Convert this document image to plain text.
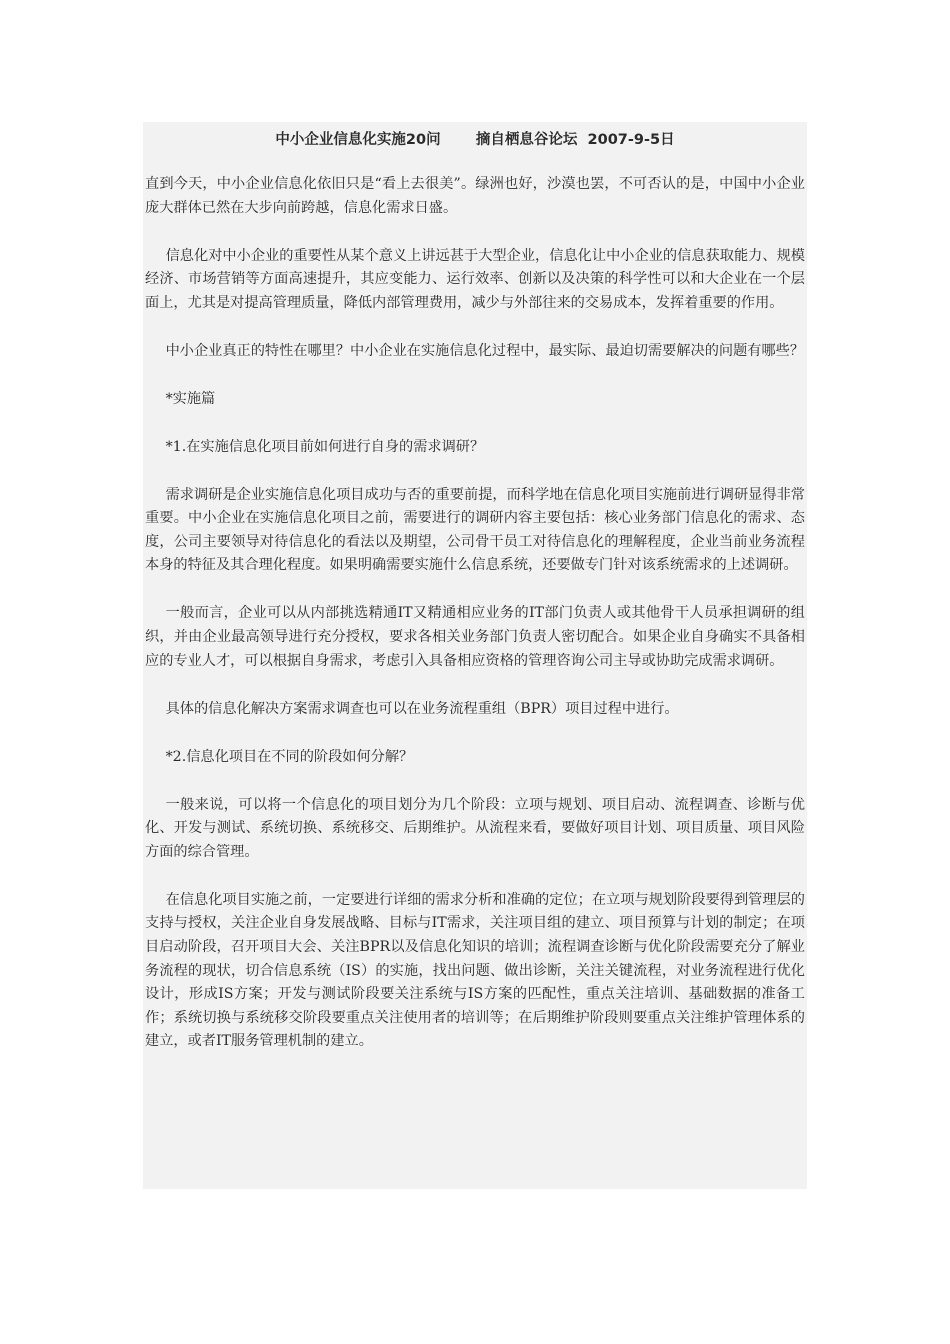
中小企业信息化实施20问       摘自栖息谷论坛  2007-9-5日

直到今天，中小企业信息化依旧只是“看上去很美”。绿洲也好，沙漠也罢，不可否认的是，中国中小企业庞大群体已然在大步向前跨越，信息化需求日盛。

信息化对中小企业的重要性从某个意义上讲远甚于大型企业，信息化让中小企业的信息获取能力、规模经济、市场营销等方面高速提升，其应变能力、运行效率、创新以及决策的科学性可以和大企业在一个层面上，尤其是对提高管理质量，降低内部管理费用，减少与外部往来的交易成本，发挥着重要的作用。

中小企业真正的特性在哪里？中小企业在实施信息化过程中，最实际、最迫切需要解决的问题有哪些？

*实施篇

*1.在实施信息化项目前如何进行自身的需求调研？

需求调研是企业实施信息化项目成功与否的重要前提，而科学地在信息化项目实施前进行调研显得非常重要。中小企业在实施信息化项目之前，需要进行的调研内容主要包括：核心业务部门信息化的需求、态度，公司主要领导对待信息化的看法以及期望，公司骨干员工对待信息化的理解程度，企业当前业务流程本身的特征及其合理化程度。如果明确需要实施什么信息系统，还要做专门针对该系统需求的上述调研。

一般而言，企业可以从内部挑选精通IT又精通相应业务的IT部门负责人或其他骨干人员承担调研的组织，并由企业最高领导进行充分授权，要求各相关业务部门负责人密切配合。如果企业自身确实不具备相应的专业人才，可以根据自身需求，考虑引入具备相应资格的管理咨询公司主导或协助完成需求调研。

具体的信息化解决方案需求调查也可以在业务流程重组（BPR）项目过程中进行。

*2.信息化项目在不同的阶段如何分解？

一般来说，可以将一个信息化的项目划分为几个阶段：立项与规划、项目启动、流程调查、诊断与优化、开发与测试、系统切换、系统移交、后期维护。从流程来看，要做好项目计划、项目质量、项目风险方面的综合管理。

在信息化项目实施之前，一定要进行详细的需求分析和准确的定位；在立项与规划阶段要得到管理层的支持与授权，关注企业自身发展战略、目标与IT需求，关注项目组的建立、项目预算与计划的制定；在项目启动阶段，召开项目大会、关注BPR以及信息化知识的培训；流程调查诊断与优化阶段需要充分了解业务流程的现状，切合信息系统（IS）的实施，找出问题、做出诊断，关注关键流程，对业务流程进行优化设计，形成IS方案；开发与测试阶段要关注系统与IS方案的匹配性，重点关注培训、基础数据的准备工作；系统切换与系统移交阶段要重点关注使用者的培训等；在后期维护阶段则要重点关注维护管理体系的建立，或者IT服务管理机制的建立。
